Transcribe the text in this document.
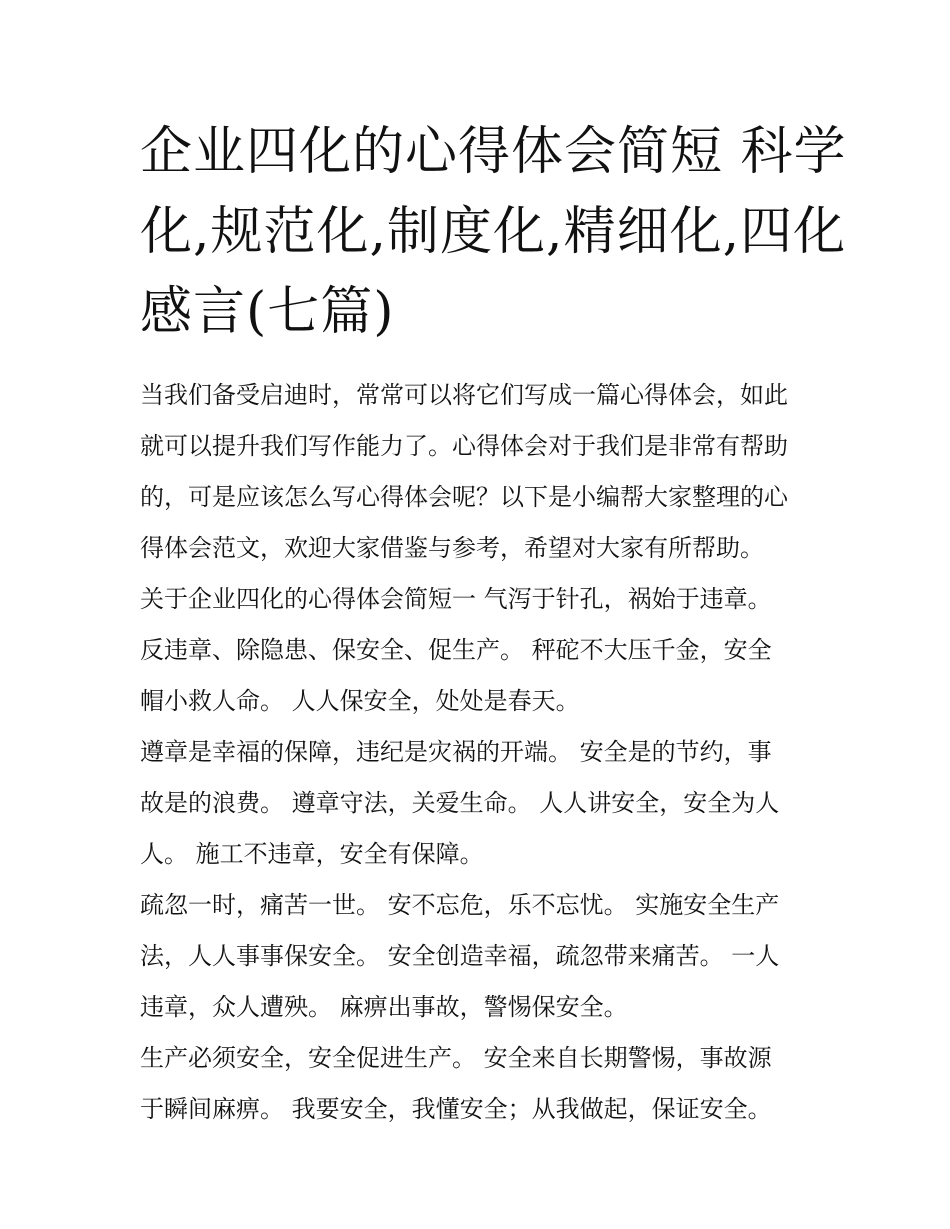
企业四化的心得体会简短 科学
化,规范化,制度化,精细化,四化
感言(七篇)

当我们备受启迪时，常常可以将它们写成一篇心得体会，如此
就可以提升我们写作能力了。心得体会对于我们是非常有帮助
的，可是应该怎么写心得体会呢？以下是小编帮大家整理的心
得体会范文，欢迎大家借鉴与参考，希望对大家有所帮助。

关于企业四化的心得体会简短一 气泻于针孔，祸始于违章。
反违章、除隐患、保安全、促生产。 秤砣不大压千金，安全
帽小救人命。 人人保安全，处处是春天。

遵章是幸福的保障，违纪是灾祸的开端。 安全是的节约，事
故是的浪费。 遵章守法，关爱生命。 人人讲安全，安全为人
人。 施工不违章，安全有保障。

疏忽一时，痛苦一世。 安不忘危，乐不忘忧。 实施安全生产
法，人人事事保安全。 安全创造幸福，疏忽带来痛苦。 一人
违章，众人遭殃。 麻痹出事故，警惕保安全。

生产必须安全，安全促进生产。 安全来自长期警惕，事故源
于瞬间麻痹。 我要安全，我懂安全；从我做起，保证安全。
